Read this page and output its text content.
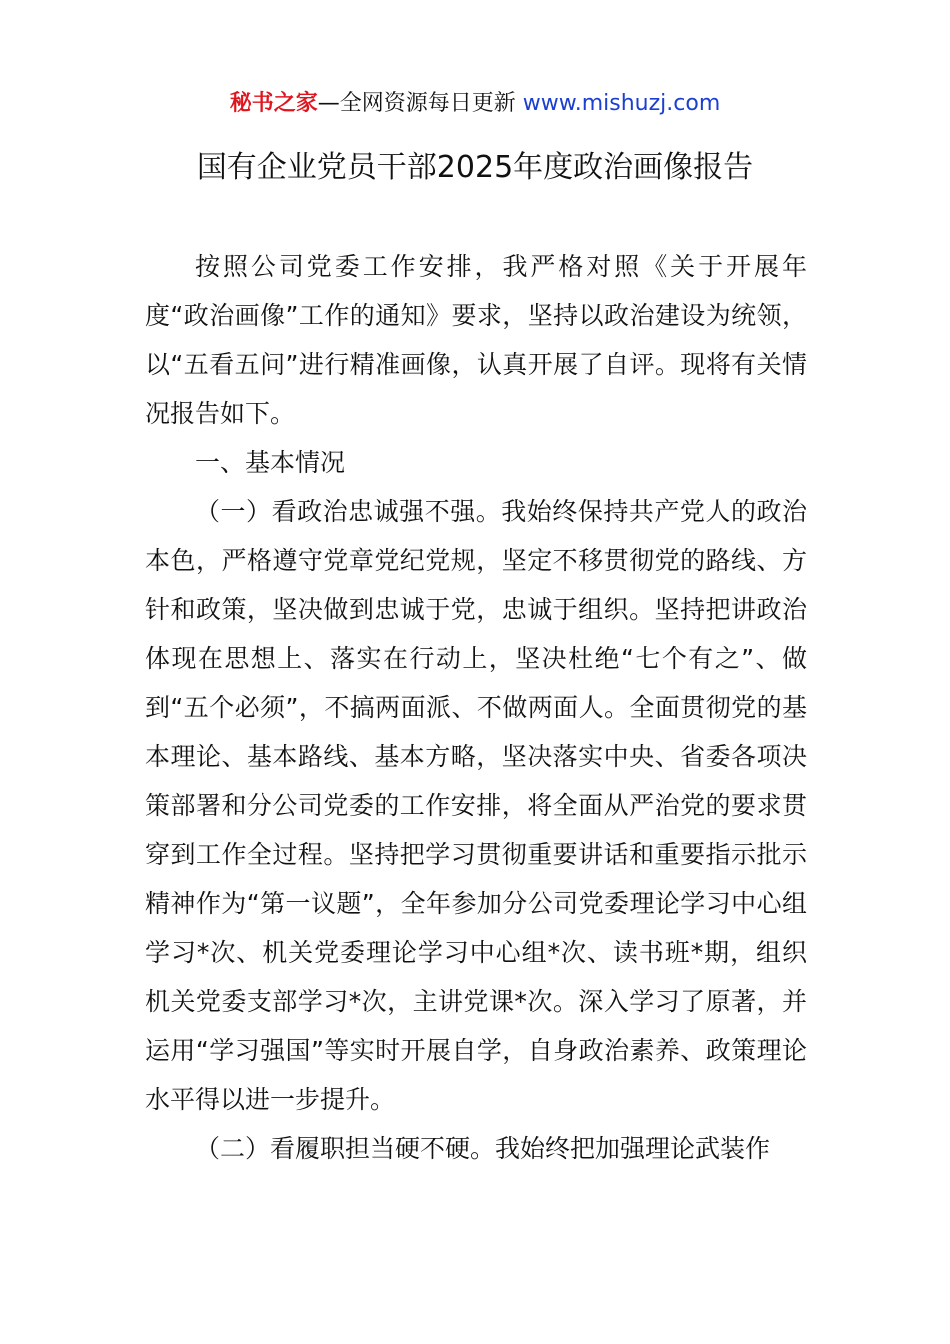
秘书之家—全网资源每日更新 www.mishuzj.com
国有企业党员干部2025年度政治画像报告

按照公司党委工作安排，我严格对照《关于开展年度“政治画像”工作的通知》要求，坚持以政治建设为统领，以“五看五问”进行精准画像，认真开展了自评。现将有关情况报告如下。

一、基本情况

（一）看政治忠诚强不强。我始终保持共产党人的政治本色，严格遵守党章党纪党规，坚定不移贯彻党的路线、方针和政策，坚决做到忠诚于党，忠诚于组织。坚持把讲政治体现在思想上、落实在行动上，坚决杜绝“七个有之”、做到“五个必须”，不搞两面派、不做两面人。全面贯彻党的基本理论、基本路线、基本方略，坚决落实中央、省委各项决策部署和分公司党委的工作安排，将全面从严治党的要求贯穿到工作全过程。坚持把学习贯彻重要讲话和重要指示批示精神作为“第一议题”，全年参加分公司党委理论学习中心组学习*次、机关党委理论学习中心组*次、读书班*期，组织机关党委支部学习*次，主讲党课*次。深入学习了原著，并运用“学习强国”等实时开展自学，自身政治素养、政策理论水平得以进一步提升。

（二）看履职担当硬不硬。我始终把加强理论武装作
